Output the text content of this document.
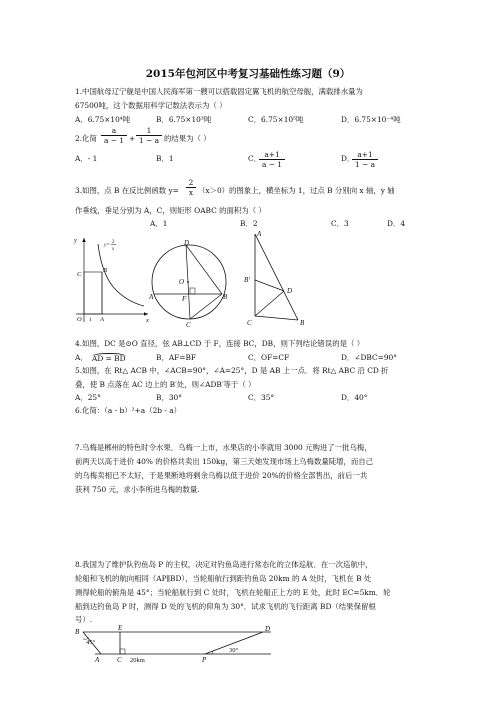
2015年包河区中考复习基础性练习题（9）
1.中国航母辽宁舰是中国人民海军第一艘可以搭载固定翼飞机的航空母舰，满载排水量为
67500吨，这个数据用科学记数法表示为（ ）
A．6.75×10⁴吨	B．6.75×10³吨	C．6.75×10⁵吨	D．6.75×10⁻⁴吨
2.化简 $\frac{a}{a - 1} + \frac{1}{1 - a}$ 的结果为（ ）
A．- 1	B．1	C．
$\frac{a+1}{a - 1}$	D．
$\frac{a+1}{1 - a}$
3.如图，点 B 在反比例函数 $y= \frac{2}{x} (x>0)$的图象上，横坐标为 1，过点 B 分别向 x 轴，y 轴
作垂线，垂足分别为 A，C，则矩形 OABC 的面积为（ ）
A．1	B．2	C．3	D．4
y
x
y= 2
x
B
C
O	A
1
D
O
A	F	B
C
A
B′
D
C	B
4.如图，DC 是⊙O 直径，弦 AB⊥CD 于 F，连接 BC，DB，则下列结论错误的是（ ）
A． AD = BD	B．AF=BF	C．OF=CF	D．∠DBC=90°
5.如图，在 Rt△ ACB 中，∠ACB=90°，∠A=25°，D 是 AB 上一点．将 Rt△ ABC 沿 CD 折
叠，使 B 点落在 AC 边上的 B′处，则∠ADB′等于（ ）
A．25°	B．30°	C．35°	D．40°
6.化简：（a - b）²+a（2b - a）
7.乌梅是郴州的特色时令水果．乌梅一上市，水果店的小李就用 3000 元购进了一批乌梅，
前两天以高于进价 40% 的价格共卖出 150kg，第三天她发现市场上乌梅数量陡增，而自己
的乌梅卖相已不太好，于是果断地将剩余乌梅以低于进价 20%的价格全部售出，前后一共
获利 750 元，求小李所进乌梅的数量.
8.我国为了维护队钓鱼岛 P 的主权，决定对钓鱼岛进行常态化的立体巡航．在一次巡航中，
轮船和飞机的航向相同（AP∥BD），当轮船航行到距钓鱼岛 20km 的 A 处时，飞机在 B 处
测得轮船的俯角是 45°；当轮船航行到 C 处时，飞机在轮船正上方的 E 处，此时 EC=5km．轮
船到达钓鱼岛 P 时，测得 D 处的飞机的仰角为 30°．试求飞机的飞行距离 BD（结果保留根
号）.
B	E	D
45°
30°
A	C 20km	P
